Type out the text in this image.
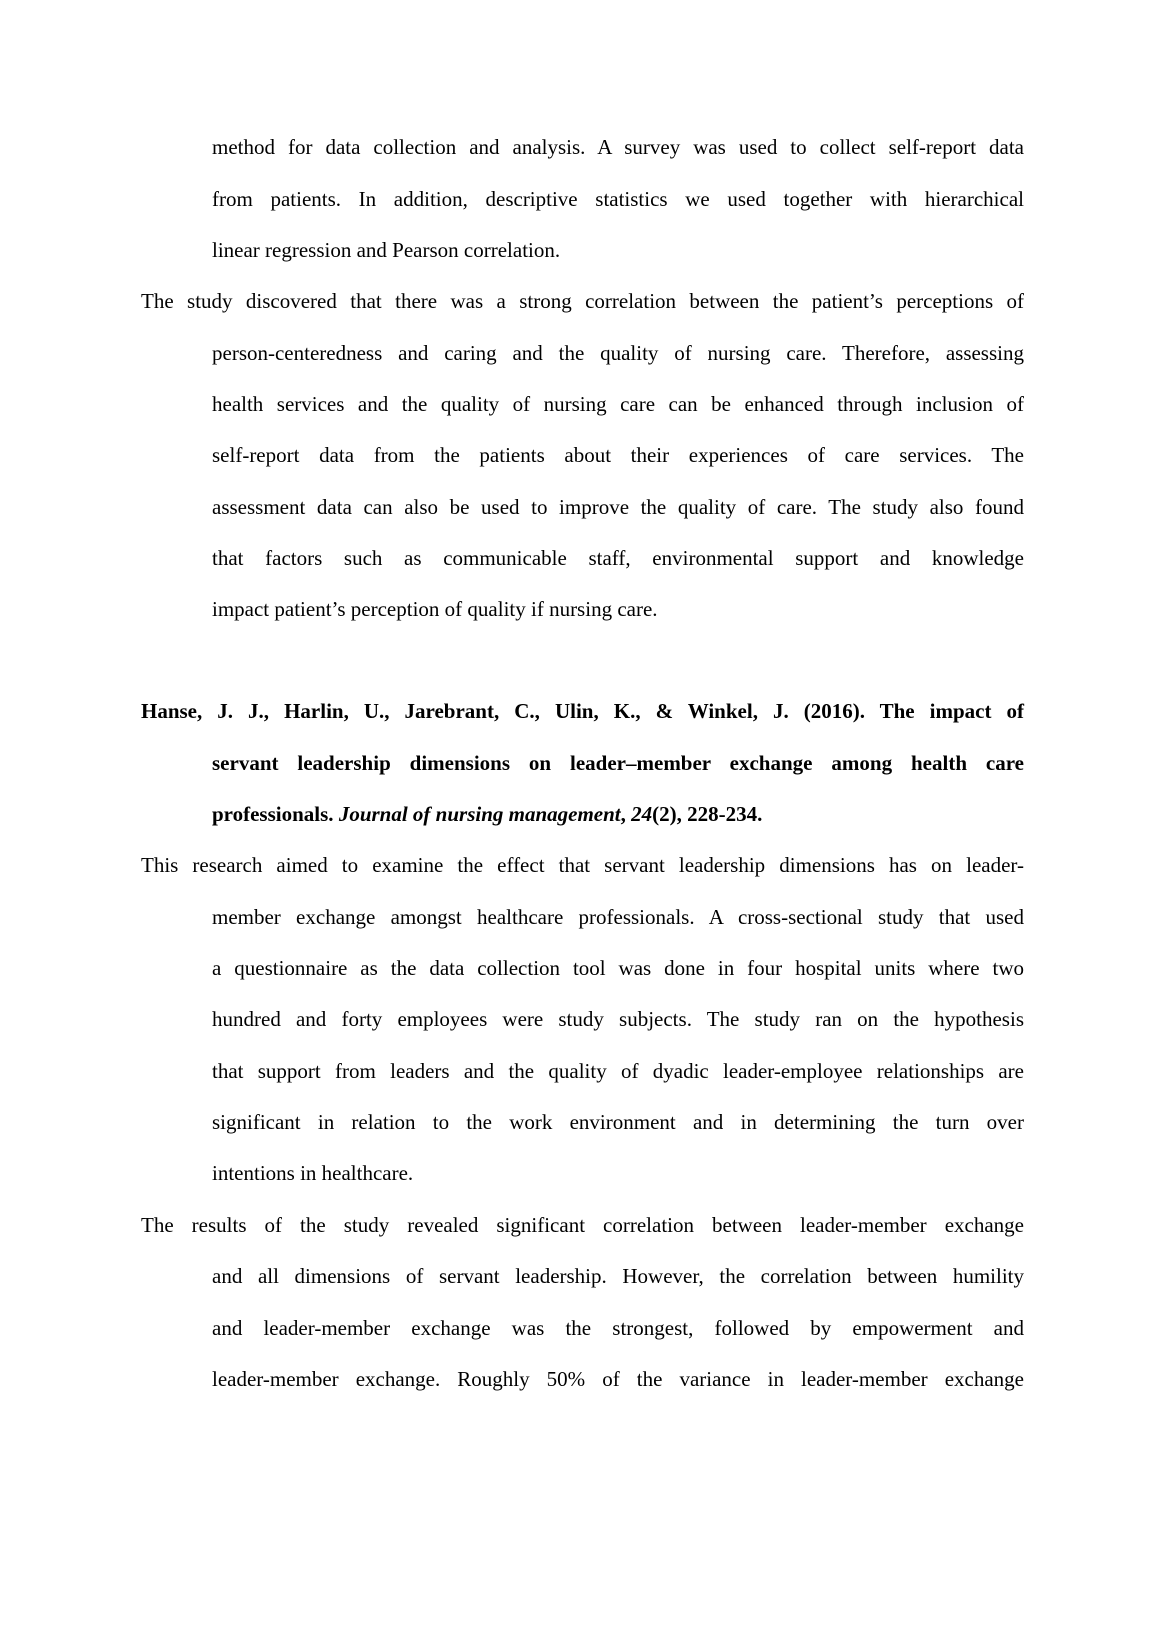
method for data collection and analysis. A survey was used to collect self-report data
from patients. In addition, descriptive statistics we used together with hierarchical
linear regression and Pearson correlation.
The study discovered that there was a strong correlation between the patient’s perceptions of
person-centeredness and caring and the quality of nursing care. Therefore, assessing
health services and the quality of nursing care can be enhanced through inclusion of
self-report data from the patients about their experiences of care services. The
assessment data can also be used to improve the quality of care. The study also found
that factors such as communicable staff, environmental support and knowledge
impact patient’s perception of quality if nursing care.
Hanse, J. J., Harlin, U., Jarebrant, C., Ulin, K., & Winkel, J. (2016). The impact of
servant leadership dimensions on leader–member exchange among health care
professionals. Journal of nursing management, 24(2), 228-234.
This research aimed to examine the effect that servant leadership dimensions has on leader-
member exchange amongst healthcare professionals. A cross-sectional study that used
a questionnaire as the data collection tool was done in four hospital units where two
hundred and forty employees were study subjects. The study ran on the hypothesis
that support from leaders and the quality of dyadic leader-employee relationships are
significant in relation to the work environment and in determining the turn over
intentions in healthcare.
The results of the study revealed significant correlation between leader-member exchange
and all dimensions of servant leadership. However, the correlation between humility
and leader-member exchange was the strongest, followed by empowerment and
leader-member exchange. Roughly 50% of the variance in leader-member exchange
